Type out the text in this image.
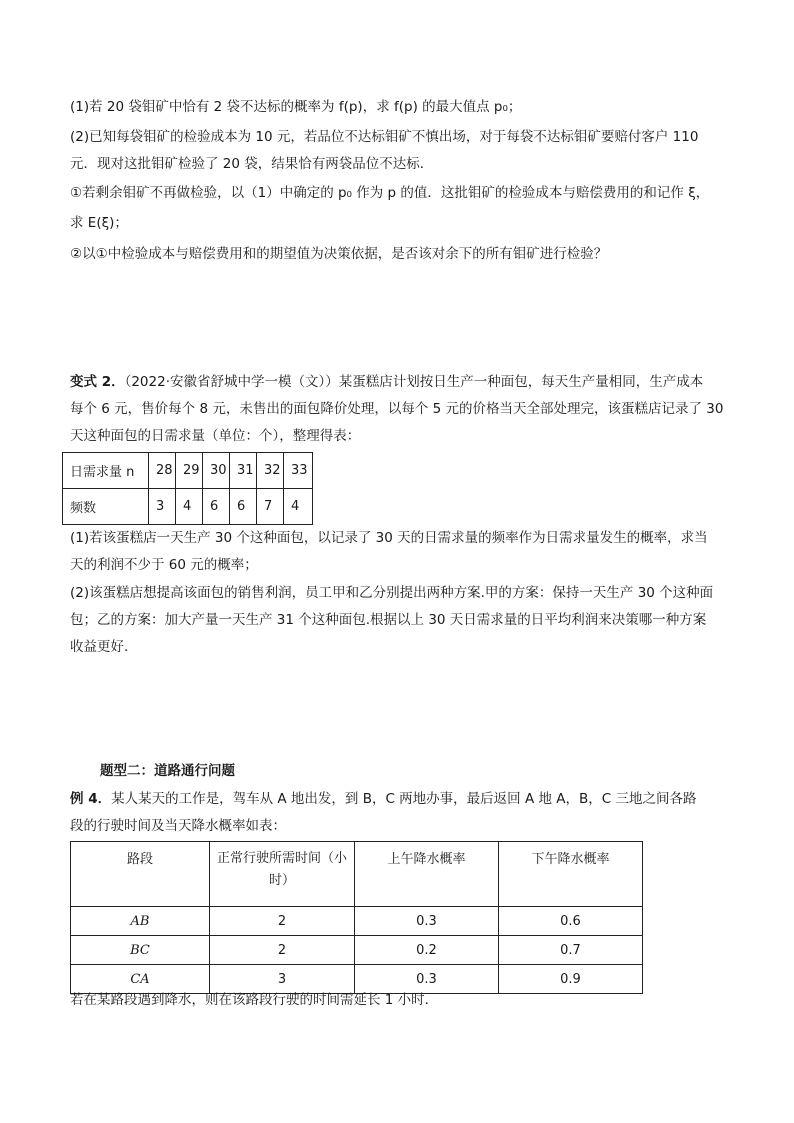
(1)若 20 袋钼矿中恰有 2 袋不达标的概率为 f(p)，求 f(p) 的最大值点 p₀；
(2)已知每袋钼矿的检验成本为 10 元，若品位不达标钼矿不慎出场，对于每袋不达标钼矿要赔付客户 110
元．现对这批钼矿检验了 20 袋，结果恰有两袋品位不达标．
①若剩余钼矿不再做检验，以（1）中确定的 p₀ 作为 p 的值．这批钼矿的检验成本与赔偿费用的和记作 ξ，
求 E(ξ)；
②以①中检验成本与赔偿费用和的期望值为决策依据，是否该对余下的所有钼矿进行检验？
变式 2．（2022·安徽省舒城中学一模（文））某蛋糕店计划按日生产一种面包，每天生产量相同，生产成本
每个 6 元，售价每个 8 元，未售出的面包降价处理，以每个 5 元的价格当天全部处理完，该蛋糕店记录了 30
天这种面包的日需求量（单位：个），整理得表：
日需求量 n	28	29	30	31	32	33
频数	3	4	6	6	7	4
(1)若该蛋糕店一天生产 30 个这种面包，以记录了 30 天的日需求量的频率作为日需求量发生的概率，求当
天的利润不少于 60 元的概率；
(2)该蛋糕店想提高该面包的销售利润，员工甲和乙分别提出两种方案.甲的方案：保持一天生产 30 个这种面
包；乙的方案：加大产量一天生产 31 个这种面包.根据以上 30 天日需求量的日平均利润来决策哪一种方案
收益更好.
题型二：道路通行问题
例 4．某人某天的工作是，驾车从 A 地出发，到 B，C 两地办事，最后返回 A 地 A，B，C 三地之间各路
段的行驶时间及当天降水概率如表：
路段	正常行驶所需时间（小
时）	上午降水概率	下午降水概率
AB	2	0.3	0.6
BC	2	0.2	0.7
CA	3	0.3	0.9
若在某路段遇到降水，则在该路段行驶的时间需延长 1 小时．
